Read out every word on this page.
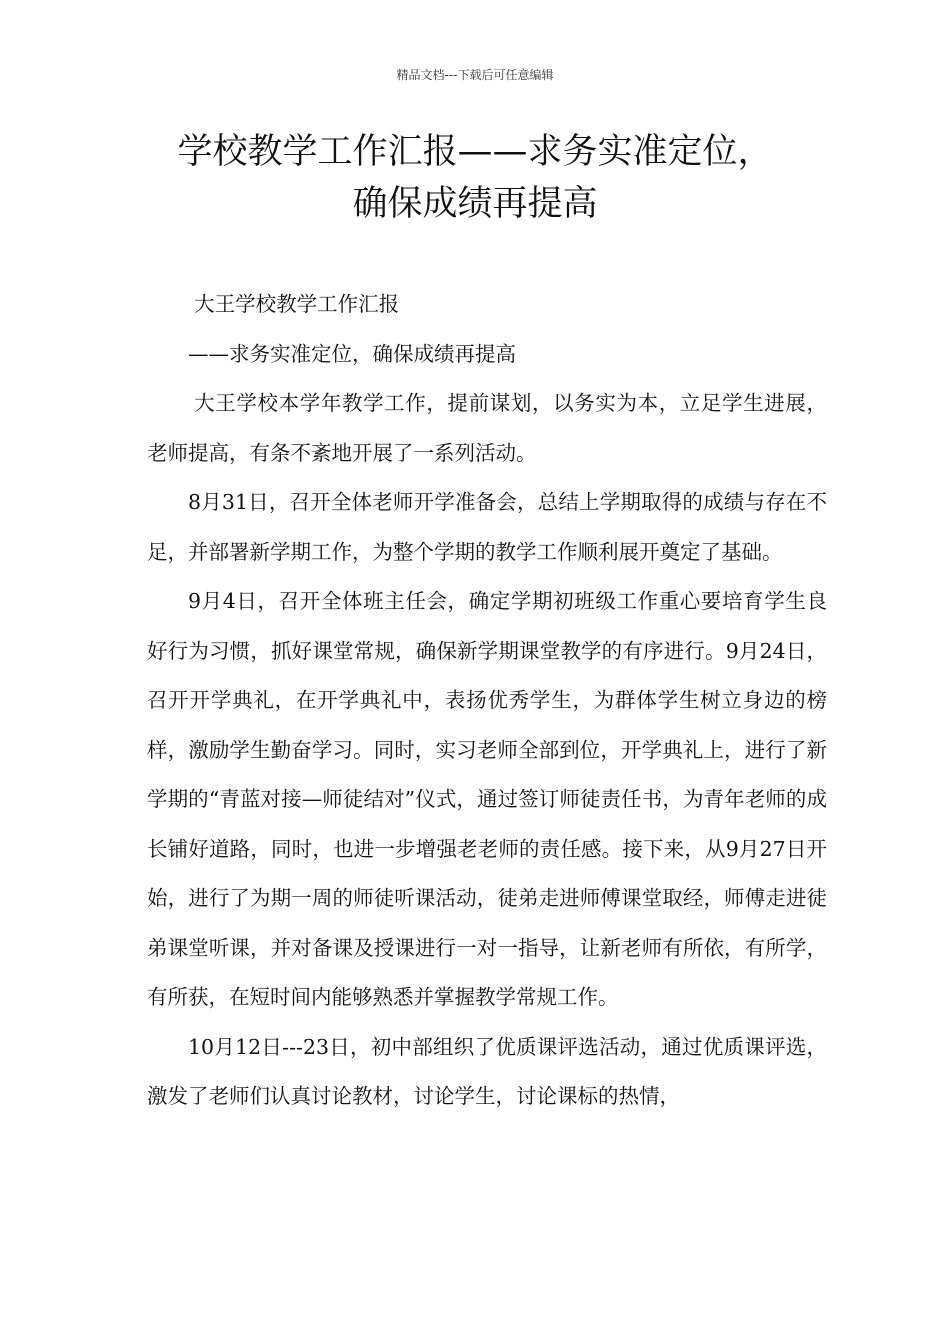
精品文档---下载后可任意编辑
学校教学工作汇报——求务实准定位，
确保成绩再提高

大王学校教学工作汇报

——求务实准定位，确保成绩再提高

大王学校本学年教学工作，提前谋划，以务实为本，立足学生进展，老师提高，有条不紊地开展了一系列活动。

8月31日，召开全体老师开学准备会，总结上学期取得的成绩与存在不足，并部署新学期工作，为整个学期的教学工作顺利展开奠定了基础。

9月4日，召开全体班主任会，确定学期初班级工作重心要培育学生良好行为习惯，抓好课堂常规，确保新学期课堂教学的有序进行。9月24日，召开开学典礼，在开学典礼中，表扬优秀学生，为群体学生树立身边的榜样，激励学生勤奋学习。同时，实习老师全部到位，开学典礼上，进行了新学期的“青蓝对接—师徒结对”仪式，通过签订师徒责任书，为青年老师的成长铺好道路，同时，也进一步增强老老师的责任感。接下来，从9月27日开始，进行了为期一周的师徒听课活动，徒弟走进师傅课堂取经，师傅走进徒弟课堂听课，并对备课及授课进行一对一指导，让新老师有所依，有所学，有所获，在短时间内能够熟悉并掌握教学常规工作。

10月12日---23日，初中部组织了优质课评选活动，通过优质课评选，激发了老师们认真讨论教材，讨论学生，讨论课标的热情，
